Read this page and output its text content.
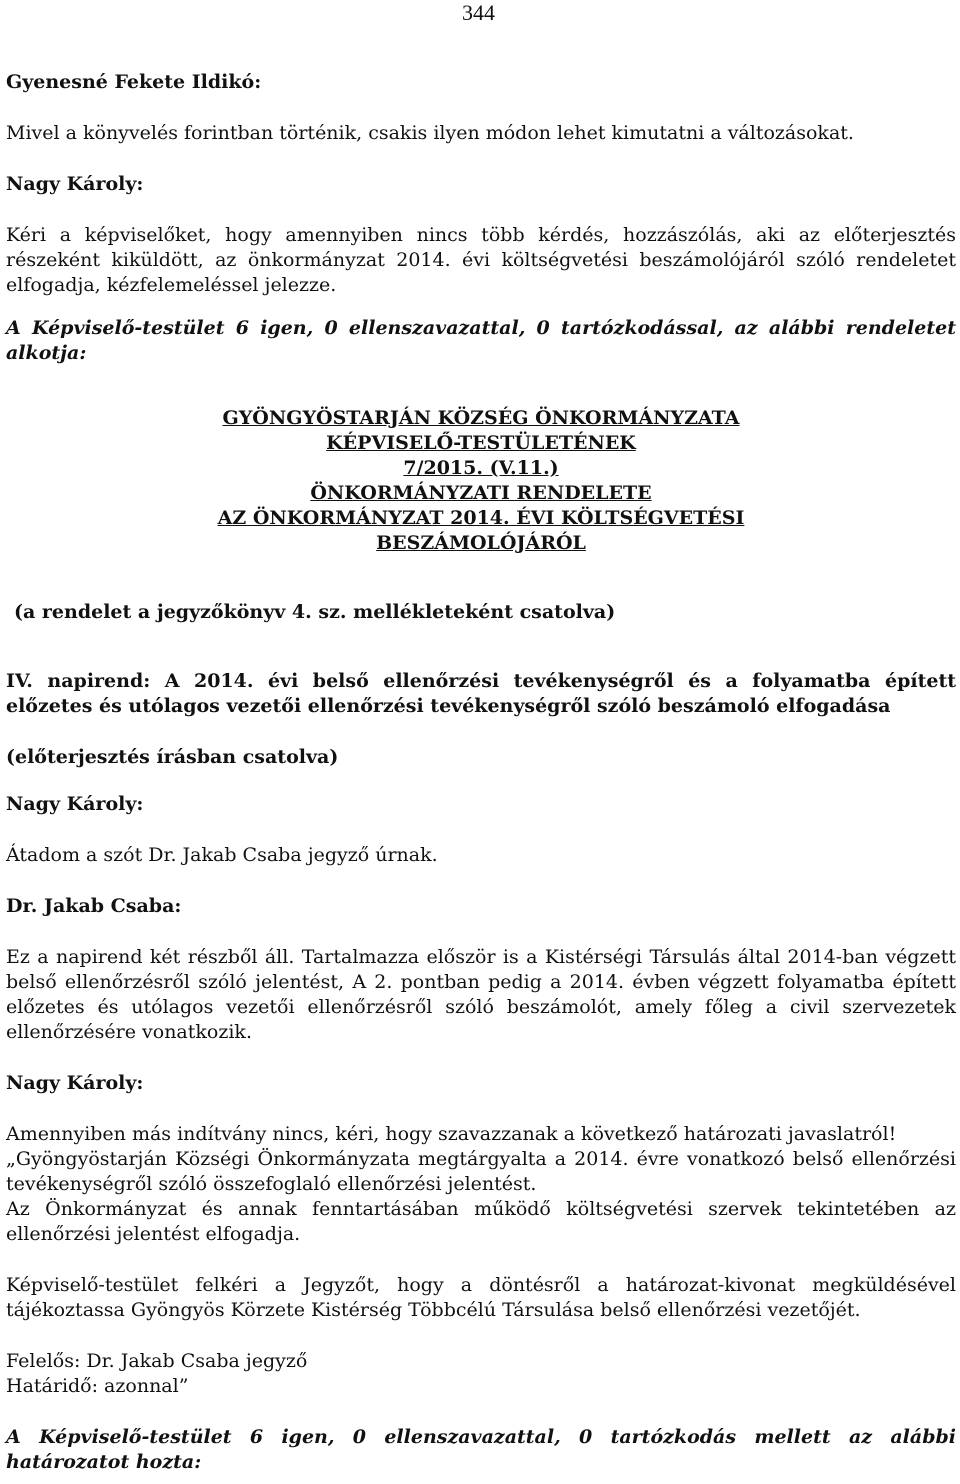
344

Gyenesné Fekete Ildikó:

Mivel a könyvelés forintban történik, csakis ilyen módon lehet kimutatni a változásokat.

Nagy Károly:

Kéri a képviselőket, hogy amennyiben nincs több kérdés, hozzászólás, aki az előterjesztés részeként kiküldött, az önkormányzat 2014. évi költségvetési beszámolójáról szóló rendeletet elfogadja, kézfelemeléssel jelezze.

A Képviselő-testület 6 igen, 0 ellenszavazattal, 0 tartózkodással, az alábbi rendeletet alkotja:

GYÖNGYÖSTARJÁN KÖZSÉG ÖNKORMÁNYZATA
KÉPVISELŐ-TESTÜLETÉNEK
7/2015. (V.11.)
ÖNKORMÁNYZATI RENDELETE
AZ ÖNKORMÁNYZAT 2014. ÉVI KÖLTSÉGVETÉSI
BESZÁMOLÓJÁRÓL

(a rendelet a jegyzőkönyv 4. sz. mellékleteként csatolva)

IV. napirend: A 2014. évi belső ellenőrzési tevékenységről és a folyamatba épített előzetes és utólagos vezetői ellenőrzési tevékenységről szóló beszámoló elfogadása

(előterjesztés írásban csatolva)

Nagy Károly:

Átadom a szót Dr. Jakab Csaba jegyző úrnak.

Dr. Jakab Csaba:

Ez a napirend két részből áll. Tartalmazza először is a Kistérségi Társulás által 2014-ban végzett belső ellenőrzésről szóló jelentést, A 2. pontban pedig a 2014. évben végzett folyamatba épített előzetes és utólagos vezetői ellenőrzésről szóló beszámolót, amely főleg a civil szervezetek ellenőrzésére vonatkozik.

Nagy Károly:

Amennyiben más indítvány nincs, kéri, hogy szavazzanak a következő határozati javaslatról!

„Gyöngyöstarján Községi Önkormányzata megtárgyalta a 2014. évre vonatkozó belső ellenőrzési tevékenységről szóló összefoglaló ellenőrzési jelentést.

Az Önkormányzat és annak fenntartásában működő költségvetési szervek tekintetében az ellenőrzési jelentést elfogadja.

Képviselő-testület felkéri a Jegyzőt, hogy a döntésről a határozat-kivonat megküldésével tájékoztassa Gyöngyös Körzete Kistérség Többcélú Társulása belső ellenőrzési vezetőjét.

Felelős: Dr. Jakab Csaba jegyző

Határidő: azonnal”

A Képviselő-testület 6 igen, 0 ellenszavazattal, 0 tartózkodás mellett az alábbi határozatot hozta:
